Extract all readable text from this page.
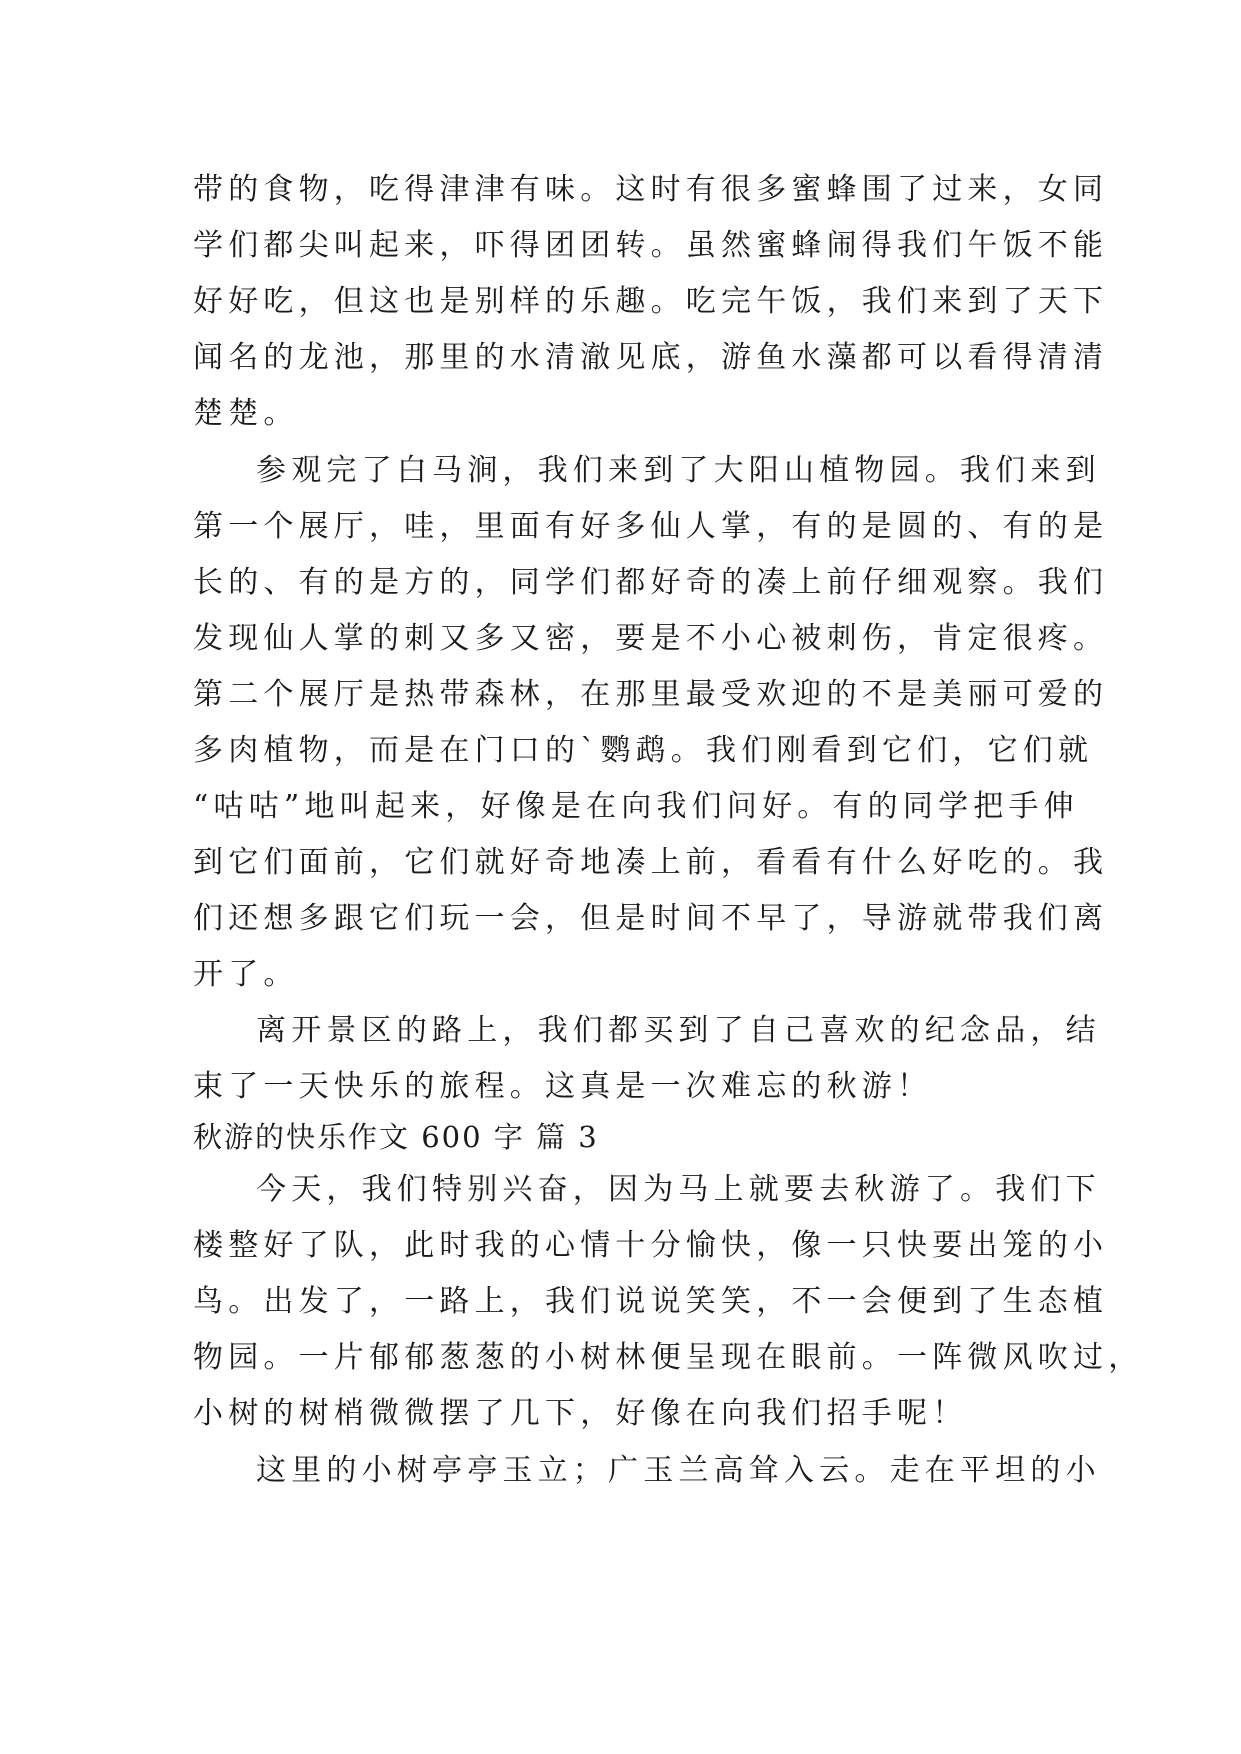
带的食物，吃得津津有味。这时有很多蜜蜂围了过来，女同
学们都尖叫起来，吓得团团转。虽然蜜蜂闹得我们午饭不能
好好吃，但这也是别样的乐趣。吃完午饭，我们来到了天下
闻名的龙池，那里的水清澈见底，游鱼水藻都可以看得清清
楚楚。
参观完了白马涧，我们来到了大阳山植物园。我们来到
第一个展厅，哇，里面有好多仙人掌，有的是圆的、有的是
长的、有的是方的，同学们都好奇的凑上前仔细观察。我们
发现仙人掌的刺又多又密，要是不小心被刺伤，肯定很疼。
第二个展厅是热带森林，在那里最受欢迎的不是美丽可爱的
多肉植物，而是在门口的`鹦鹉。我们刚看到它们，它们就
“咕咕”地叫起来，好像是在向我们问好。有的同学把手伸
到它们面前，它们就好奇地凑上前，看看有什么好吃的。我
们还想多跟它们玩一会，但是时间不早了，导游就带我们离
开了。
离开景区的路上，我们都买到了自己喜欢的纪念品，结
束了一天快乐的旅程。这真是一次难忘的秋游！
秋游的快乐作文 600 字 篇 3
今天，我们特别兴奋，因为马上就要去秋游了。我们下
楼整好了队，此时我的心情十分愉快，像一只快要出笼的小
鸟。出发了，一路上，我们说说笑笑，不一会便到了生态植
物园。一片郁郁葱葱的小树林便呈现在眼前。一阵微风吹过，
小树的树梢微微摆了几下，好像在向我们招手呢！
这里的小树亭亭玉立；广玉兰高耸入云。走在平坦的小
